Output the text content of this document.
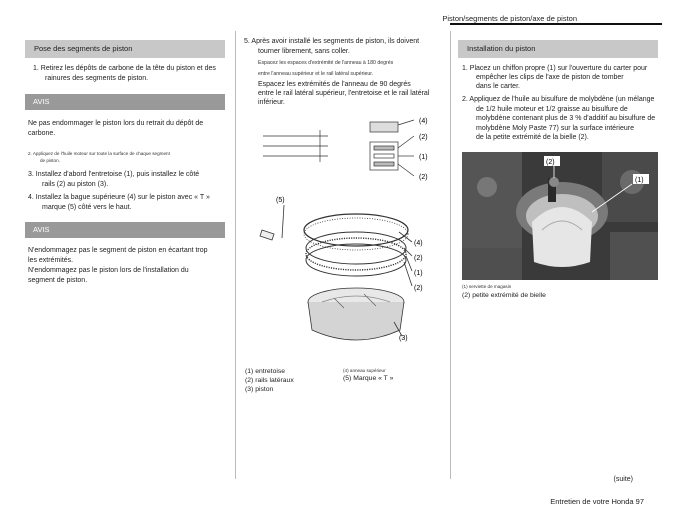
Piston/segments de piston/axe de piston
Pose des segments de piston
1. Retirez les dépôts de carbone de la tête du piston et des
rainures des segments de piston.
AVIS
Ne pas endommager le piston lors du retrait du dépôt de
carbone.
2. Appliquez de l'huile moteur sur toute la surface de chaque segment
de piston.
3. Installez d'abord l'entretoise (1), puis installez le côté
rails (2) au piston (3).
4. Installez la bague supérieure (4) sur le piston avec « T »
marque (5) côté vers le haut.
AVIS
N'endommagez pas le segment de piston en écartant trop
les extrémités.
N'endommagez pas le piston lors de l'installation du
segment de piston.
5. Après avoir installé les segments de piston, ils doivent
tourner librement, sans coller.
Espacez les espaces d'extrémité de l'anneau à 180 degrés
entre l'anneau supérieur et le rail latéral supérieur.
Espacez les extrémités de l'anneau de 90 degrés
entre le rail latéral supérieur, l'entretoise et le rail latéral
inférieur.
(4)
(2)
(1)
(2)
(5)
(4)
(2)
(1)
(2)
(3)
(1) entretoise
(2) rails latéraux
(3) piston
(4) anneau supérieur
(5) Marque « T »
Installation du piston
1. Placez un chiffon propre (1) sur l'ouverture du carter pour
empêcher les clips de l'axe de piston de tomber
dans le carter.
2. Appliquez de l'huile au bisulfure de molybdène (un mélange
de 1/2 huile moteur et 1/2 graisse au bisulfure de
molybdène contenant plus de 3 % d'additif au bisulfure de
molybdène Moly Paste 77) sur la surface intérieure
de la petite extrémité de la bielle (2).
(2)
(1)
(1) serviette de magasin
(2) petite extrémité de bielle
(suite)
Entretien de votre Honda 97
